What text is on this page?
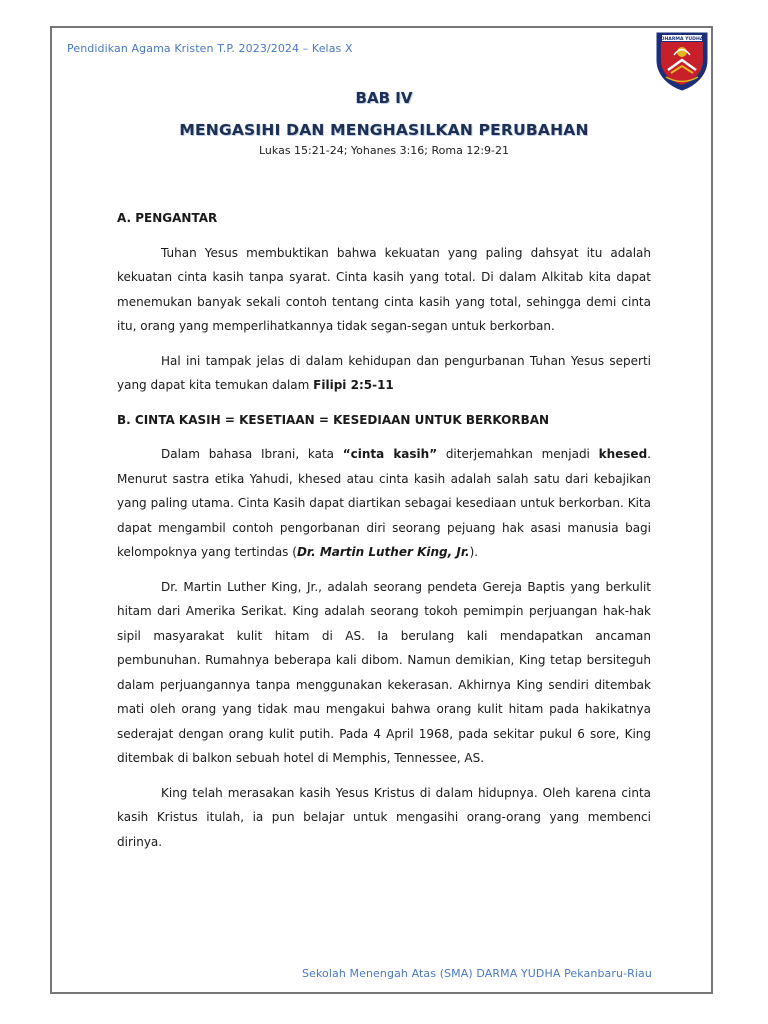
Pendidikan Agama Kristen T.P. 2023/2024 – Kelas X
DHARMA YUDHA
BAB IV
MENGASIHI DAN MENGHASILKAN PERUBAHAN
Lukas 15:21-24; Yohanes 3:16; Roma 12:9-21
A. PENGANTAR

Tuhan Yesus membuktikan bahwa kekuatan yang paling dahsyat itu adalah kekuatan cinta kasih tanpa syarat. Cinta kasih yang total. Di dalam Alkitab kita dapat menemukan banyak sekali contoh tentang cinta kasih yang total, sehingga demi cinta itu, orang yang memperlihatkannya tidak segan-segan untuk berkorban.

Hal ini tampak jelas di dalam kehidupan dan pengurbanan Tuhan Yesus seperti yang dapat kita temukan dalam Filipi 2:5-11

B. CINTA KASIH = KESETIAAN = KESEDIAAN UNTUK BERKORBAN

Dalam bahasa Ibrani, kata “cinta kasih” diterjemahkan menjadi khesed. Menurut sastra etika Yahudi, khesed atau cinta kasih adalah salah satu dari kebajikan yang paling utama. Cinta Kasih dapat diartikan sebagai kesediaan untuk berkorban. Kita dapat mengambil contoh pengorbanan diri seorang pejuang hak asasi manusia bagi kelompoknya yang tertindas (Dr. Martin Luther King, Jr.).

Dr. Martin Luther King, Jr., adalah seorang pendeta Gereja Baptis yang berkulit hitam dari Amerika Serikat. King adalah seorang tokoh pemimpin perjuangan hak-hak sipil masyarakat kulit hitam di AS. Ia berulang kali mendapatkan ancaman pembunuhan. Rumahnya beberapa kali dibom. Namun demikian, King tetap bersiteguh dalam perjuangannya tanpa menggunakan kekerasan. Akhirnya King sendiri ditembak mati oleh orang yang tidak mau mengakui bahwa orang kulit hitam pada hakikatnya sederajat dengan orang kulit putih. Pada 4 April 1968, pada sekitar pukul 6 sore, King ditembak di balkon sebuah hotel di Memphis, Tennessee, AS.

King telah merasakan kasih Yesus Kristus di dalam hidupnya. Oleh karena cinta kasih Kristus itulah, ia pun belajar untuk mengasihi orang-orang yang membenci dirinya.

Sekolah Menengah Atas (SMA) DARMA YUDHA Pekanbaru-Riau
